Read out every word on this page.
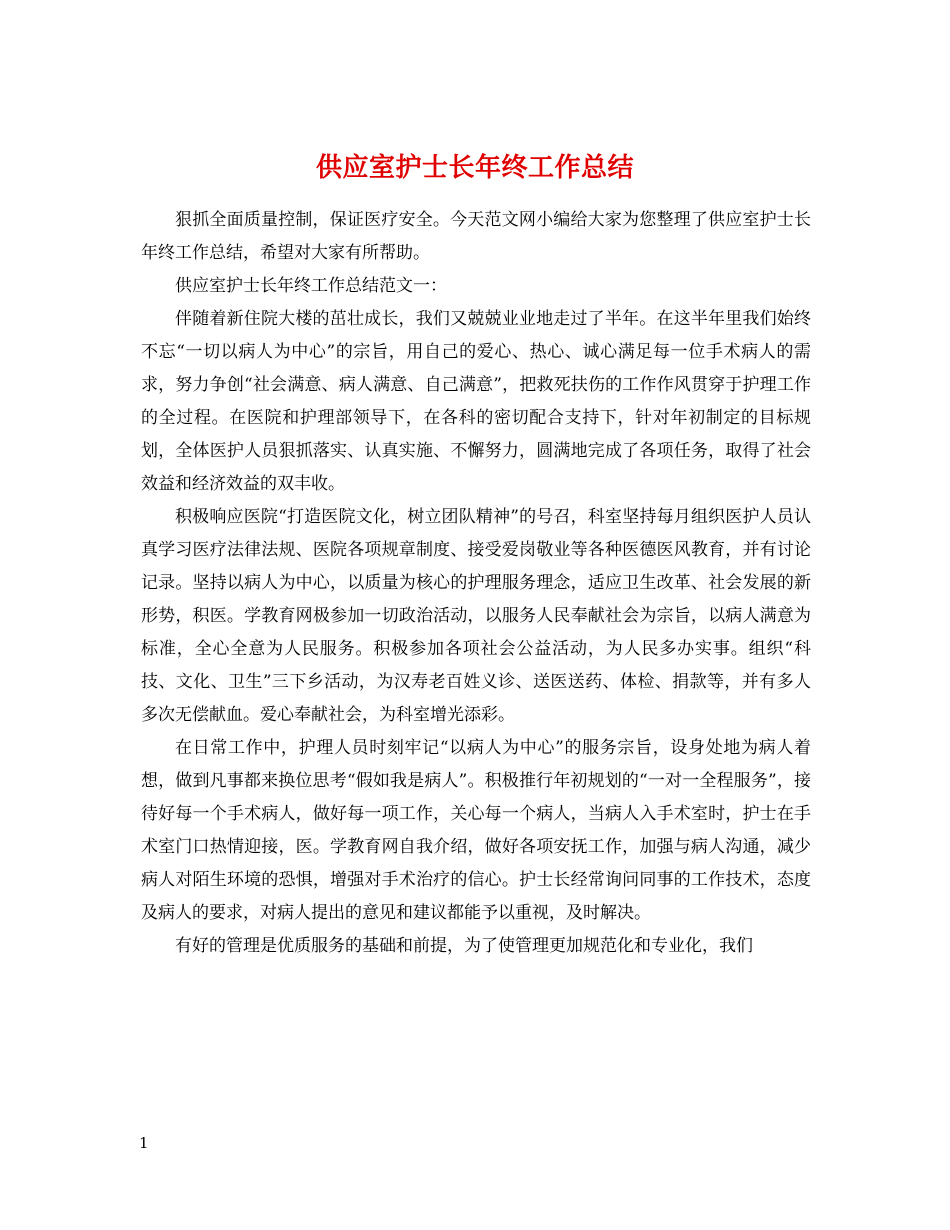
供应室护士长年终工作总结

狠抓全面质量控制，保证医疗安全。今天范文网小编给大家为您整理了供应室护士长年终工作总结，希望对大家有所帮助。

供应室护士长年终工作总结范文一：

伴随着新住院大楼的茁壮成长，我们又兢兢业业地走过了半年。在这半年里我们始终不忘“一切以病人为中心”的宗旨，用自己的爱心、热心、诚心满足每一位手术病人的需求，努力争创“社会满意、病人满意、自己满意”，把救死扶伤的工作作风贯穿于护理工作的全过程。在医院和护理部领导下，在各科的密切配合支持下，针对年初制定的目标规划，全体医护人员狠抓落实、认真实施、不懈努力，圆满地完成了各项任务，取得了社会效益和经济效益的双丰收。

积极响应医院“打造医院文化，树立团队精神”的号召，科室坚持每月组织医护人员认真学习医疗法律法规、医院各项规章制度、接受爱岗敬业等各种医德医风教育，并有讨论记录。坚持以病人为中心，以质量为核心的护理服务理念，适应卫生改革、社会发展的新形势，积医。学教育网极参加一切政治活动，以服务人民奉献社会为宗旨，以病人满意为标准，全心全意为人民服务。积极参加各项社会公益活动，为人民多办实事。组织“科技、文化、卫生”三下乡活动，为汉寿老百姓义诊、送医送药、体检、捐款等，并有多人多次无偿献血。爱心奉献社会，为科室增光添彩。

在日常工作中，护理人员时刻牢记“以病人为中心”的服务宗旨，设身处地为病人着想，做到凡事都来换位思考“假如我是病人”。积极推行年初规划的“一对一全程服务”，接待好每一个手术病人，做好每一项工作，关心每一个病人，当病人入手术室时，护士在手术室门口热情迎接，医。学教育网自我介绍，做好各项安抚工作，加强与病人沟通，减少病人对陌生环境的恐惧，增强对手术治疗的信心。护士长经常询问同事的工作技术，态度及病人的要求，对病人提出的意见和建议都能予以重视，及时解决。

有好的管理是优质服务的基础和前提，为了使管理更加规范化和专业化，我们

1
